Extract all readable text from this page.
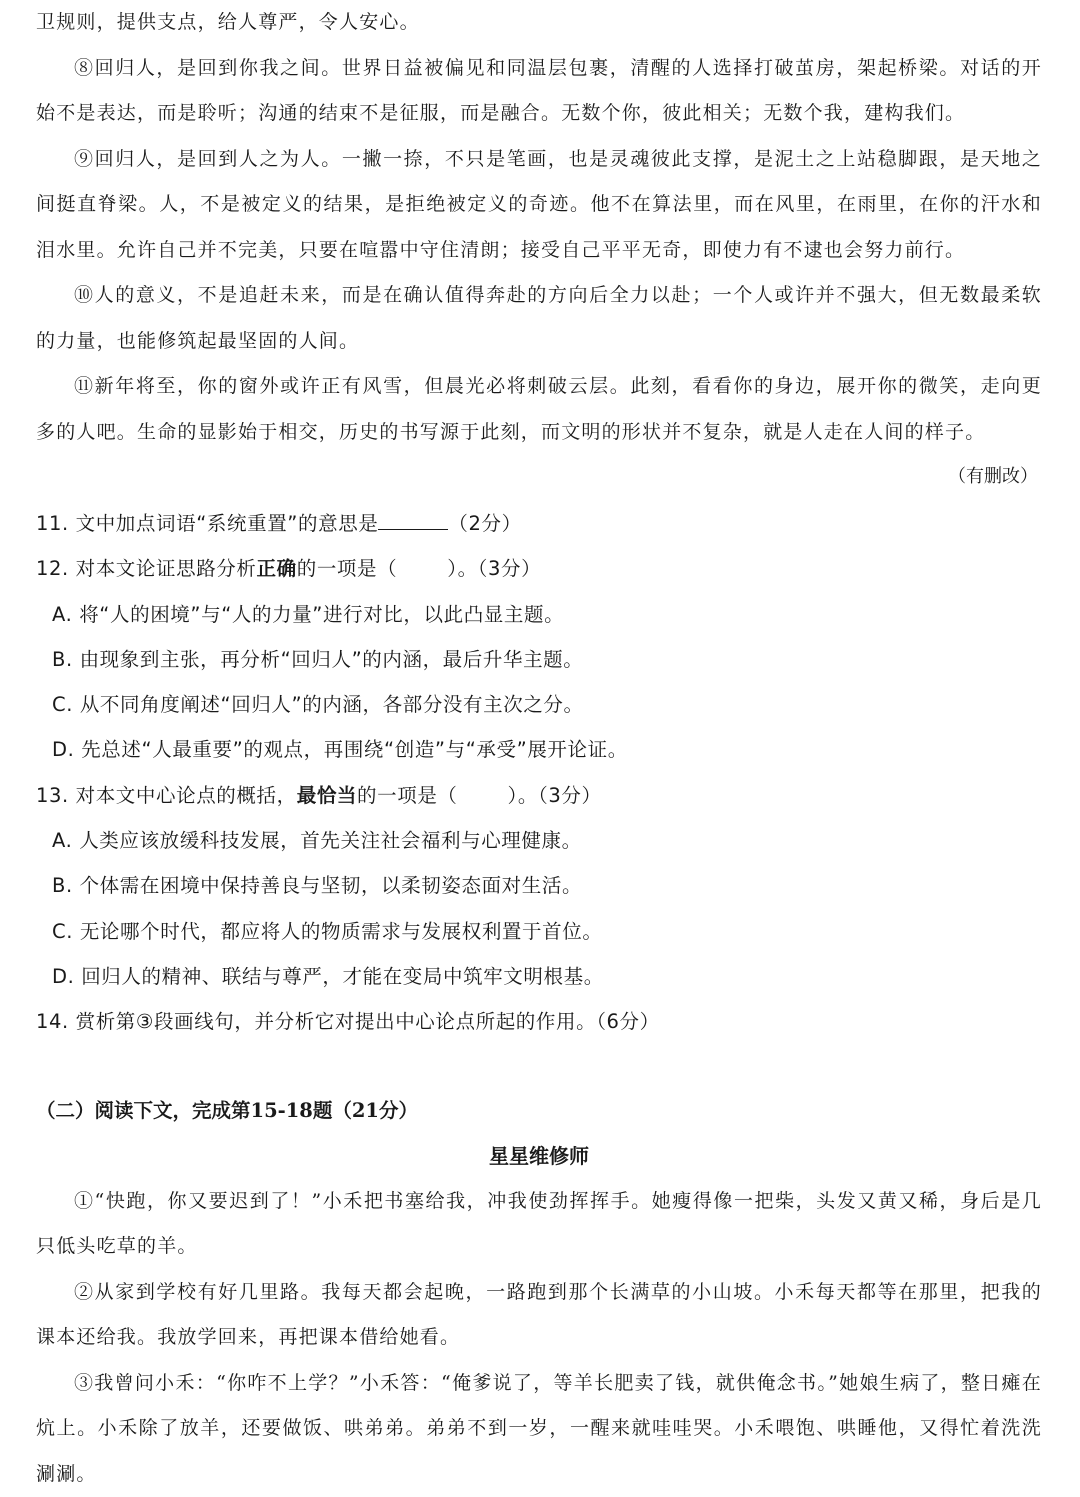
卫规则，提供支点，给人尊严，令人安心。

⑧回归人，是回到你我之间。世界日益被偏见和同温层包裹，清醒的人选择打破茧房，架起桥梁。对话的开始不是表达，而是聆听；沟通的结束不是征服，而是融合。无数个你，彼此相关；无数个我，建构我们。

⑨回归人，是回到人之为人。一撇一捺，不只是笔画，也是灵魂彼此支撑，是泥土之上站稳脚跟，是天地之间挺直脊梁。人，不是被定义的结果，是拒绝被定义的奇迹。他不在算法里，而在风里，在雨里，在你的汗水和泪水里。允许自己并不完美，只要在喧嚣中守住清朗；接受自己平平无奇，即使力有不逮也会努力前行。

⑩人的意义，不是追赶未来，而是在确认值得奔赴的方向后全力以赴；一个人或许并不强大，但无数最柔软的力量，也能修筑起最坚固的人间。

⑪新年将至，你的窗外或许正有风雪，但晨光必将刺破云层。此刻，看看你的身边，展开你的微笑，走向更多的人吧。生命的显影始于相交，历史的书写源于此刻，而文明的形状并不复杂，就是人走在人间的样子。

（有删改）

11. 文中加点词语“系统重置”的意思是	（2分）

12. 对本文论证思路分析正确的一项是（	）。（3分）

A. 将“人的困境”与“人的力量”进行对比，以此凸显主题。

B. 由现象到主张，再分析“回归人”的内涵，最后升华主题。

C. 从不同角度阐述“回归人”的内涵，各部分没有主次之分。

D. 先总述“人最重要”的观点，再围绕“创造”与“承受”展开论证。

13. 对本文中心论点的概括，最恰当的一项是（	）。（3分）

A. 人类应该放缓科技发展，首先关注社会福利与心理健康。

B. 个体需在困境中保持善良与坚韧，以柔韧姿态面对生活。

C. 无论哪个时代，都应将人的物质需求与发展权利置于首位。

D. 回归人的精神、联结与尊严，才能在变局中筑牢文明根基。

14. 赏析第③段画线句，并分析它对提出中心论点所起的作用。（6分）

（二）阅读下文，完成第15-18题（21分）
星星维修师

①“快跑，你又要迟到了！”小禾把书塞给我，冲我使劲挥挥手。她瘦得像一把柴，头发又黄又稀，身后是几只低头吃草的羊。

②从家到学校有好几里路。我每天都会起晚，一路跑到那个长满草的小山坡。小禾每天都等在那里，把我的课本还给我。我放学回来，再把课本借给她看。

③我曾问小禾：“你咋不上学？”小禾答：“俺爹说了，等羊长肥卖了钱，就供俺念书。”她娘生病了，整日瘫在炕上。小禾除了放羊，还要做饭、哄弟弟。弟弟不到一岁，一醒来就哇哇哭。小禾喂饱、哄睡他，又得忙着洗洗涮涮。
